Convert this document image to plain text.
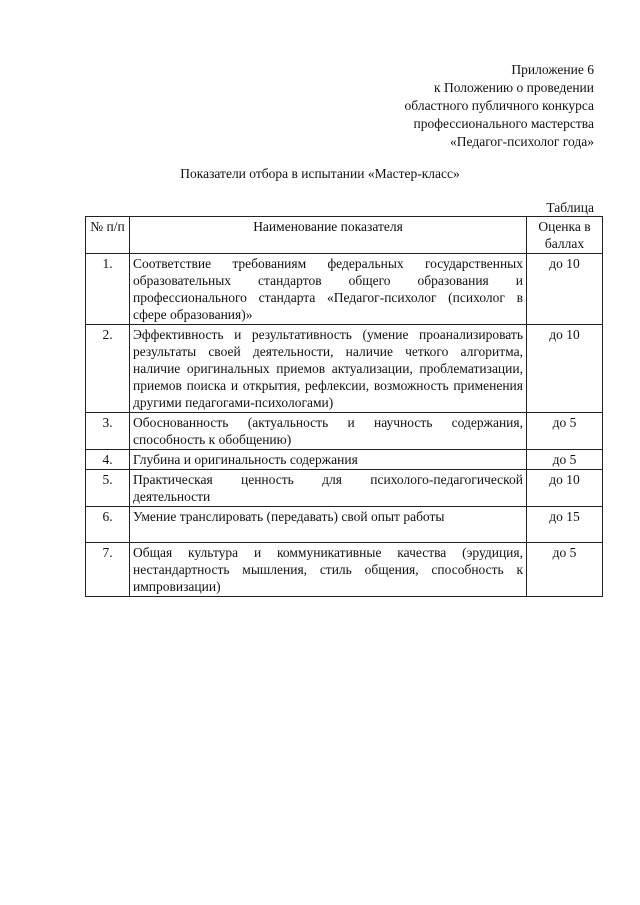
Приложение 6
к Положению о проведении
областного публичного конкурса
профессионального мастерства
«Педагог-психолог года»
Показатели отбора в испытании «Мастер-класс»
Таблица
№ п/п	Наименование показателя	Оценка в баллах
1.	Соответствие требованиям федеральных государственных образовательных стандартов общего образования и профессионального стандарта «Педагог-психолог (психолог в сфере образования)»	до 10
2.	Эффективность и результативность (умение проанализировать результаты своей деятельности, наличие четкого алгоритма, наличие оригинальных приемов актуализации, проблематизации, приемов поиска и открытия, рефлексии, возможность применения другими педагогами-психологами)	до 10
3.	Обоснованность (актуальность и научность содержания, способность к обобщению)	до 5
4.	Глубина и оригинальность содержания	до 5
5.	Практическая ценность для психолого-педагогической деятельности	до 10
6.	Умение транслировать (передавать) свой опыт работы	до 15
7.	Общая культура и коммуникативные качества (эрудиция, нестандартность мышления, стиль общения, способность к импровизации)	до 5
